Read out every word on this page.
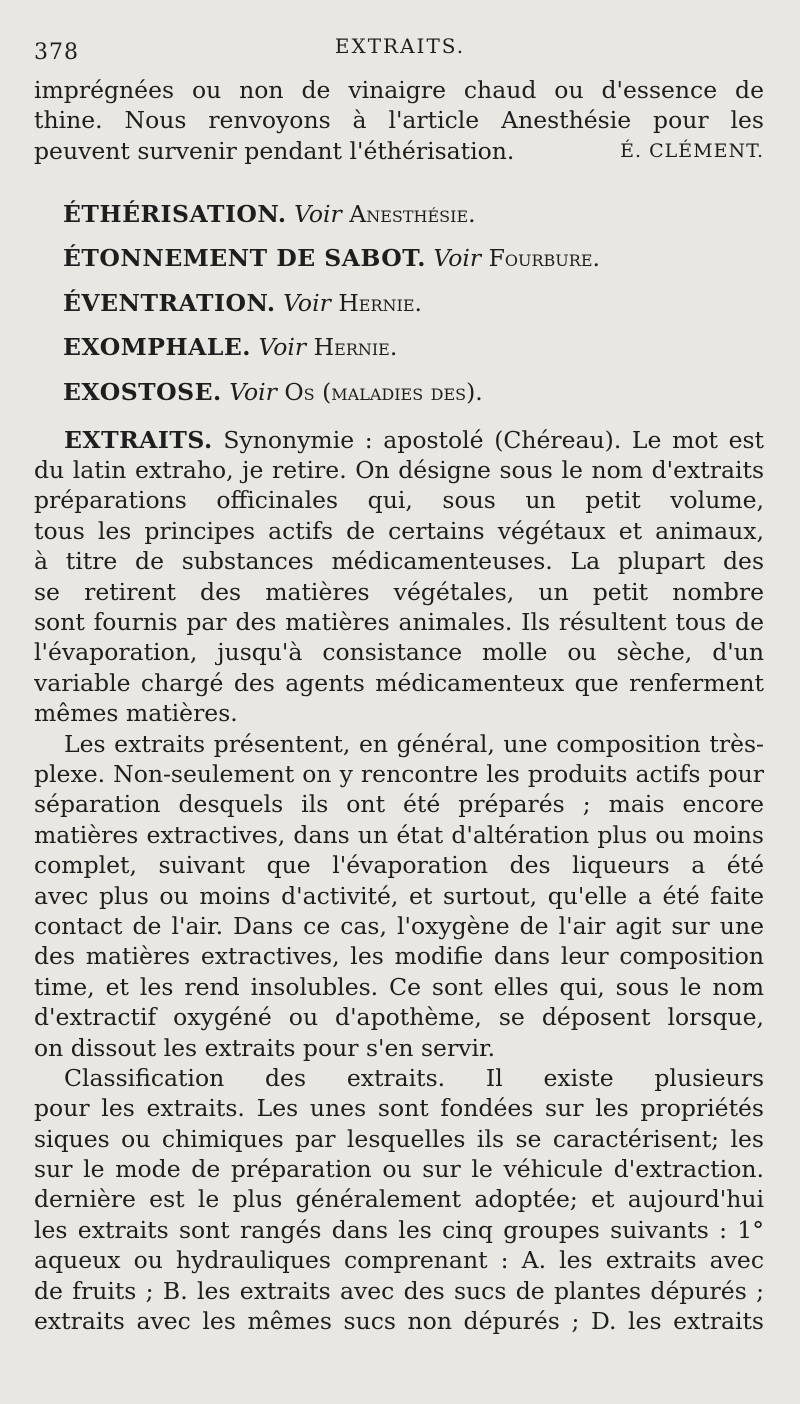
378	EXTRAITS.
imprégnées ou non de vinaigre chaud ou d'essence de
thine. Nous renvoyons à l'article Anesthésie pour les
peuvent survenir pendant l'éthérisation.	É. CLÉMENT.
ÉTHÉRISATION. Voir Anesthésie.
ÉTONNEMENT DE SABOT. Voir Fourbure.
ÉVENTRATION. Voir Hernie.
EXOMPHALE. Voir Hernie.
EXOSTOSE. Voir Os (maladies des).
EXTRAITS. Synonymie : apostolé (Chéreau). Le mot est
du latin extraho, je retire. On désigne sous le nom d'extraits
préparations officinales qui, sous un petit volume,
tous les principes actifs de certains végétaux et animaux,
à titre de substances médicamenteuses. La plupart des
se retirent des matières végétales, un petit nombre
sont fournis par des matières animales. Ils résultent tous de
l'évaporation, jusqu'à consistance molle ou sèche, d'un
variable chargé des agents médicamenteux que renferment
mêmes matières.
Les extraits présentent, en général, une composition très-
plexe. Non-seulement on y rencontre les produits actifs pour
séparation desquels ils ont été préparés ; mais encore
matières extractives, dans un état d'altération plus ou moins
complet, suivant que l'évaporation des liqueurs a été
avec plus ou moins d'activité, et surtout, qu'elle a été faite
contact de l'air. Dans ce cas, l'oxygène de l'air agit sur une
des matières extractives, les modifie dans leur composition
time, et les rend insolubles. Ce sont elles qui, sous le nom
d'extractif oxygéné ou d'apothème, se déposent lorsque,
on dissout les extraits pour s'en servir.
Classification des extraits. Il existe plusieurs
pour les extraits. Les unes sont fondées sur les propriétés
siques ou chimiques par lesquelles ils se caractérisent; les
sur le mode de préparation ou sur le véhicule d'extraction.
dernière est le plus généralement adoptée; et aujourd'hui
les extraits sont rangés dans les cinq groupes suivants : 1°
aqueux ou hydrauliques comprenant : A. les extraits avec
de fruits ; B. les extraits avec des sucs de plantes dépurés ;
extraits avec les mêmes sucs non dépurés ; D. les extraits
